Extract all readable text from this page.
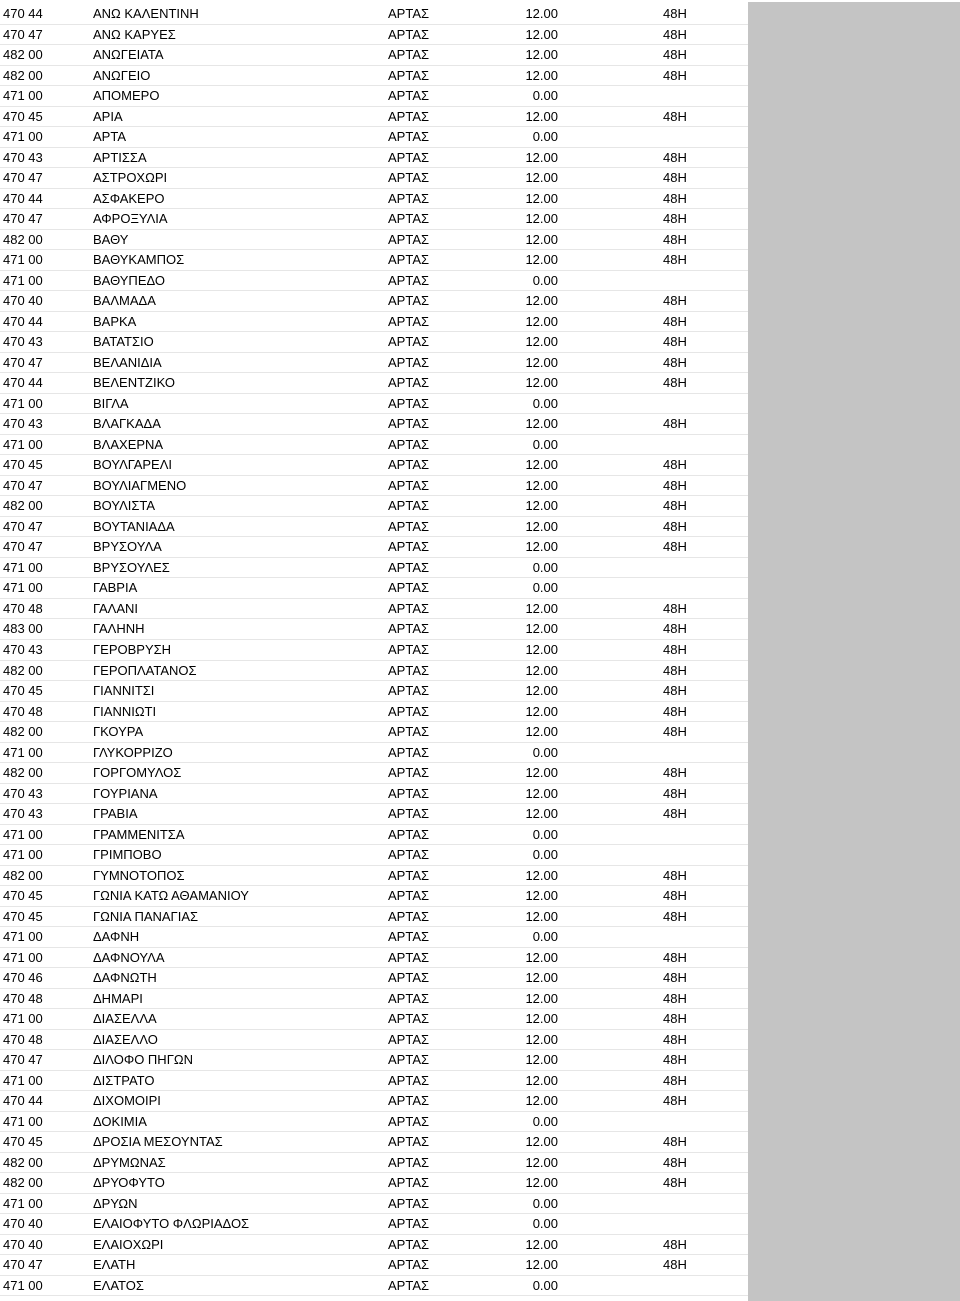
470 44	ΑΝΩ ΚΑΛΕΝΤΙΝΗ	ΑΡΤΑΣ	12.00	48H
470 47	ΑΝΩ ΚΑΡΥΕΣ	ΑΡΤΑΣ	12.00	48H
482 00	ΑΝΩΓΕΙΑΤΑ	ΑΡΤΑΣ	12.00	48H
482 00	ΑΝΩΓΕΙΟ	ΑΡΤΑΣ	12.00	48H
471 00	ΑΠΟΜΕΡΟ	ΑΡΤΑΣ	0.00
470 45	ΑΡΙΑ	ΑΡΤΑΣ	12.00	48H
471 00	ΑΡΤΑ	ΑΡΤΑΣ	0.00
470 43	ΑΡΤΙΣΣΑ	ΑΡΤΑΣ	12.00	48H
470 47	ΑΣΤΡΟΧΩΡΙ	ΑΡΤΑΣ	12.00	48H
470 44	ΑΣΦΑΚΕΡΟ	ΑΡΤΑΣ	12.00	48H
470 47	ΑΦΡΟΞΥΛΙΑ	ΑΡΤΑΣ	12.00	48H
482 00	ΒΑΘΥ	ΑΡΤΑΣ	12.00	48H
471 00	ΒΑΘΥΚΑΜΠΟΣ	ΑΡΤΑΣ	12.00	48H
471 00	ΒΑΘΥΠΕΔΟ	ΑΡΤΑΣ	0.00
470 40	ΒΑΛΜΑΔΑ	ΑΡΤΑΣ	12.00	48H
470 44	ΒΑΡΚΑ	ΑΡΤΑΣ	12.00	48H
470 43	ΒΑΤΑΤΣΙΟ	ΑΡΤΑΣ	12.00	48H
470 47	ΒΕΛΑΝΙΔΙΑ	ΑΡΤΑΣ	12.00	48H
470 44	ΒΕΛΕΝΤΖΙΚΟ	ΑΡΤΑΣ	12.00	48H
471 00	ΒΙΓΛΑ	ΑΡΤΑΣ	0.00
470 43	ΒΛΑΓΚΑΔΑ	ΑΡΤΑΣ	12.00	48H
471 00	ΒΛΑΧΕΡΝΑ	ΑΡΤΑΣ	0.00
470 45	ΒΟΥΛΓΑΡΕΛΙ	ΑΡΤΑΣ	12.00	48H
470 47	ΒΟΥΛΙΑΓΜΕΝΟ	ΑΡΤΑΣ	12.00	48H
482 00	ΒΟΥΛΙΣΤΑ	ΑΡΤΑΣ	12.00	48H
470 47	ΒΟΥΤΑΝΙΑΔΑ	ΑΡΤΑΣ	12.00	48H
470 47	ΒΡΥΣΟΥΛΑ	ΑΡΤΑΣ	12.00	48H
471 00	ΒΡΥΣΟΥΛΕΣ	ΑΡΤΑΣ	0.00
471 00	ΓΑΒΡΙΑ	ΑΡΤΑΣ	0.00
470 48	ΓΑΛΑΝΙ	ΑΡΤΑΣ	12.00	48H
483 00	ΓΑΛΗΝΗ	ΑΡΤΑΣ	12.00	48H
470 43	ΓΕΡΟΒΡΥΣΗ	ΑΡΤΑΣ	12.00	48H
482 00	ΓΕΡΟΠΛΑΤΑΝΟΣ	ΑΡΤΑΣ	12.00	48H
470 45	ΓΙΑΝΝΙΤΣΙ	ΑΡΤΑΣ	12.00	48H
470 48	ΓΙΑΝΝΙΩΤΙ	ΑΡΤΑΣ	12.00	48H
482 00	ΓΚΟΥΡΑ	ΑΡΤΑΣ	12.00	48H
471 00	ΓΛΥΚΟΡΡΙΖΟ	ΑΡΤΑΣ	0.00
482 00	ΓΟΡΓΟΜΥΛΟΣ	ΑΡΤΑΣ	12.00	48H
470 43	ΓΟΥΡΙΑΝΑ	ΑΡΤΑΣ	12.00	48H
470 43	ΓΡΑΒΙΑ	ΑΡΤΑΣ	12.00	48H
471 00	ΓΡΑΜΜΕΝΙΤΣΑ	ΑΡΤΑΣ	0.00
471 00	ΓΡΙΜΠΟΒΟ	ΑΡΤΑΣ	0.00
482 00	ΓΥΜΝΟΤΟΠΟΣ	ΑΡΤΑΣ	12.00	48H
470 45	ΓΩΝΙΑ ΚΑΤΩ ΑΘΑΜΑΝΙΟΥ	ΑΡΤΑΣ	12.00	48H
470 45	ΓΩΝΙΑ ΠΑΝΑΓΙΑΣ	ΑΡΤΑΣ	12.00	48H
471 00	ΔΑΦΝΗ	ΑΡΤΑΣ	0.00
471 00	ΔΑΦΝΟΥΛΑ	ΑΡΤΑΣ	12.00	48H
470 46	ΔΑΦΝΩΤΗ	ΑΡΤΑΣ	12.00	48H
470 48	ΔΗΜΑΡΙ	ΑΡΤΑΣ	12.00	48H
471 00	ΔΙΑΣΕΛΛΑ	ΑΡΤΑΣ	12.00	48H
470 48	ΔΙΑΣΕΛΛΟ	ΑΡΤΑΣ	12.00	48H
470 47	ΔΙΛΟΦΟ ΠΗΓΩΝ	ΑΡΤΑΣ	12.00	48H
471 00	ΔΙΣΤΡΑΤΟ	ΑΡΤΑΣ	12.00	48H
470 44	ΔΙΧΟΜΟΙΡΙ	ΑΡΤΑΣ	12.00	48H
471 00	ΔΟΚΙΜΙΑ	ΑΡΤΑΣ	0.00
470 45	ΔΡΟΣΙΑ ΜΕΣΟΥΝΤΑΣ	ΑΡΤΑΣ	12.00	48H
482 00	ΔΡΥΜΩΝΑΣ	ΑΡΤΑΣ	12.00	48H
482 00	ΔΡΥΟΦΥΤΟ	ΑΡΤΑΣ	12.00	48H
471 00	ΔΡΥΩΝ	ΑΡΤΑΣ	0.00
470 40	ΕΛΑΙΟΦΥΤΟ ΦΛΩΡΙΑΔΟΣ	ΑΡΤΑΣ	0.00
470 40	ΕΛΑΙΟΧΩΡΙ	ΑΡΤΑΣ	12.00	48H
470 47	ΕΛΑΤΗ	ΑΡΤΑΣ	12.00	48H
471 00	ΕΛΑΤΟΣ	ΑΡΤΑΣ	0.00
